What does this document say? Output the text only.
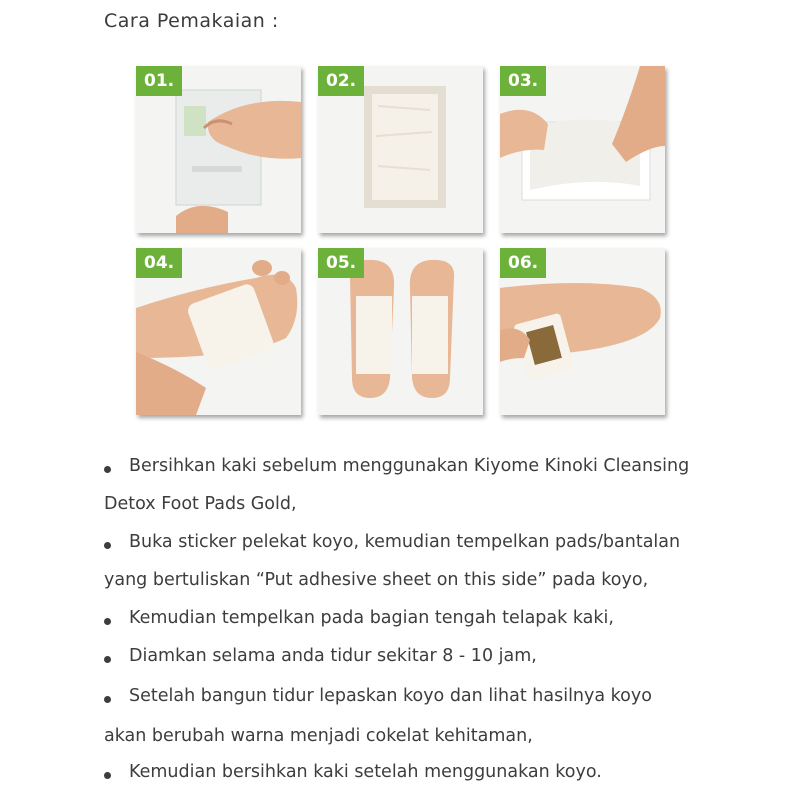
Cara Pemakaian :
01.	02.	03.
04.	05.	06.
Bersihkan kaki sebelum menggunakan Kiyome Kinoki Cleansing
Detox Foot Pads Gold,
Buka sticker pelekat koyo, kemudian tempelkan pads/bantalan
yang bertuliskan “Put adhesive sheet on this side” pada koyo,
Kemudian tempelkan pada bagian tengah telapak kaki,
Diamkan selama anda tidur sekitar 8 - 10 jam,
Setelah bangun tidur lepaskan koyo dan lihat hasilnya koyo
akan berubah warna menjadi cokelat kehitaman,
Kemudian bersihkan kaki setelah menggunakan koyo.
